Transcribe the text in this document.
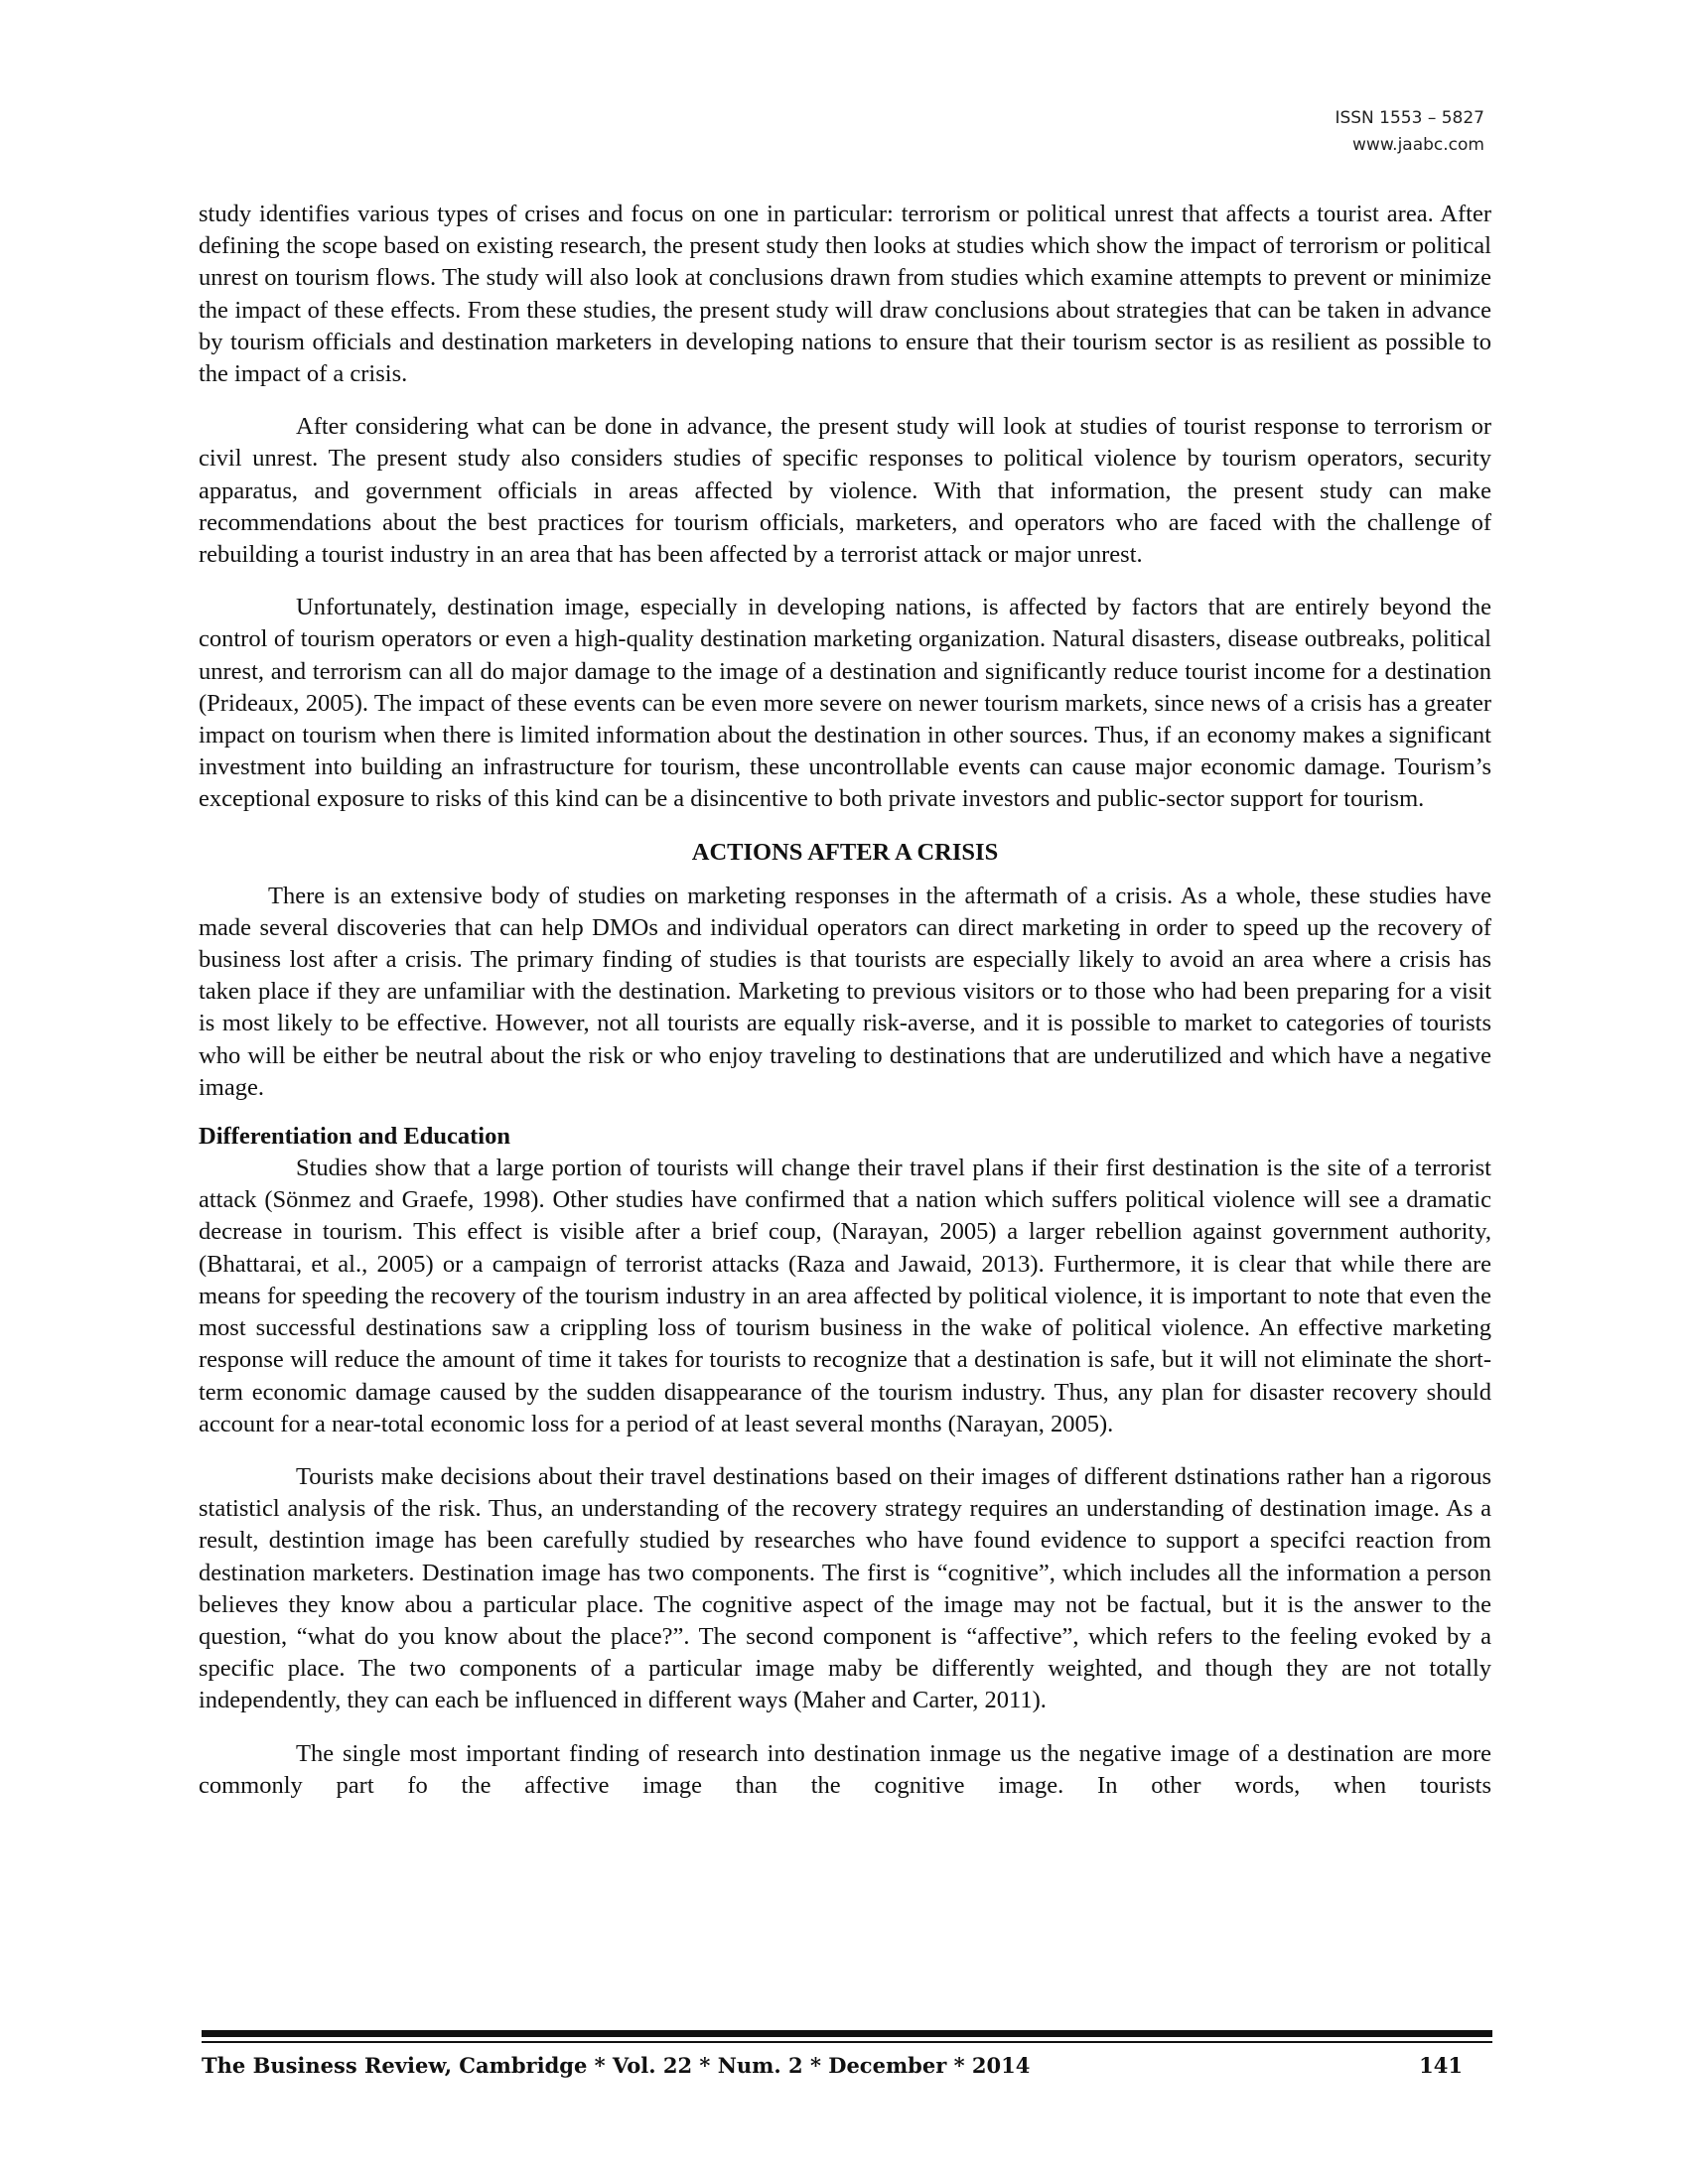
ISSN 1553 – 5827
www.jaabc.com

study identifies various types of crises and focus on one in particular: terrorism or political unrest that affects a tourist area. After defining the scope based on existing research, the present study then looks at studies which show the impact of terrorism or political unrest on tourism flows. The study will also look at conclusions drawn from studies which examine attempts to prevent or minimize the impact of these effects. From these studies, the present study will draw conclusions about strategies that can be taken in advance by tourism officials and destination marketers in developing nations to ensure that their tourism sector is as resilient as possible to the impact of a crisis.

After considering what can be done in advance, the present study will look at studies of tourist response to terrorism or civil unrest. The present study also considers studies of specific responses to political violence by tourism operators, security apparatus, and government officials in areas affected by violence. With that information, the present study can make recommendations about the best practices for tourism officials, marketers, and operators who are faced with the challenge of rebuilding a tourist industry in an area that has been affected by a terrorist attack or major unrest.

Unfortunately, destination image, especially in developing nations, is affected by factors that are entirely beyond the control of tourism operators or even a high-quality destination marketing organization. Natural disasters, disease outbreaks, political unrest, and terrorism can all do major damage to the image of a destination and significantly reduce tourist income for a destination (Prideaux, 2005). The impact of these events can be even more severe on newer tourism markets, since news of a crisis has a greater impact on tourism when there is limited information about the destination in other sources. Thus, if an economy makes a significant investment into building an infrastructure for tourism, these uncontrollable events can cause major economic damage. Tourism’s exceptional exposure to risks of this kind can be a disincentive to both private investors and public-sector support for tourism.

ACTIONS AFTER A CRISIS

There is an extensive body of studies on marketing responses in the aftermath of a crisis. As a whole, these studies have made several discoveries that can help DMOs and individual operators can direct marketing in order to speed up the recovery of business lost after a crisis. The primary finding of studies is that tourists are especially likely to avoid an area where a crisis has taken place if they are unfamiliar with the destination. Marketing to previous visitors or to those who had been preparing for a visit is most likely to be effective. However, not all tourists are equally risk-averse, and it is possible to market to categories of tourists who will be either be neutral about the risk or who enjoy traveling to destinations that are underutilized and which have a negative image.

Differentiation and Education

Studies show that a large portion of tourists will change their travel plans if their first destination is the site of a terrorist attack (Sönmez and Graefe, 1998). Other studies have confirmed that a nation which suffers political violence will see a dramatic decrease in tourism. This effect is visible after a brief coup, (Narayan, 2005) a larger rebellion against government authority, (Bhattarai, et al., 2005) or a campaign of terrorist attacks (Raza and Jawaid, 2013). Furthermore, it is clear that while there are means for speeding the recovery of the tourism industry in an area affected by political violence, it is important to note that even the most successful destinations saw a crippling loss of tourism business in the wake of political violence. An effective marketing response will reduce the amount of time it takes for tourists to recognize that a destination is safe, but it will not eliminate the short-term economic damage caused by the sudden disappearance of the tourism industry. Thus, any plan for disaster recovery should account for a near-total economic loss for a period of at least several months (Narayan, 2005).

Tourists make decisions about their travel destinations based on their images of different dstinations rather han a rigorous statisticl analysis of the risk. Thus, an understanding of the recovery strategy requires an understanding of destination image. As a result, destintion image has been carefully studied by researches who have found evidence to support a specifci reaction from destination marketers. Destination image has two components. The first is “cognitive”, which includes all the information a person believes they know abou a particular place. The cognitive aspect of the image may not be factual, but it is the answer to the question, “what do you know about the place?”. The second component is “affective”, which refers to the feeling evoked by a specific place. The two components of a particular image maby be differently weighted, and though they are not totally independently, they can each be influenced in different ways (Maher and Carter, 2011).

The single most important finding of research into destination inmage us the negative image of a destination are more commonly part fo the affective image than the cognitive image. In other words, when tourists

The Business Review, Cambridge * Vol. 22 * Num. 2 * December * 2014	141
